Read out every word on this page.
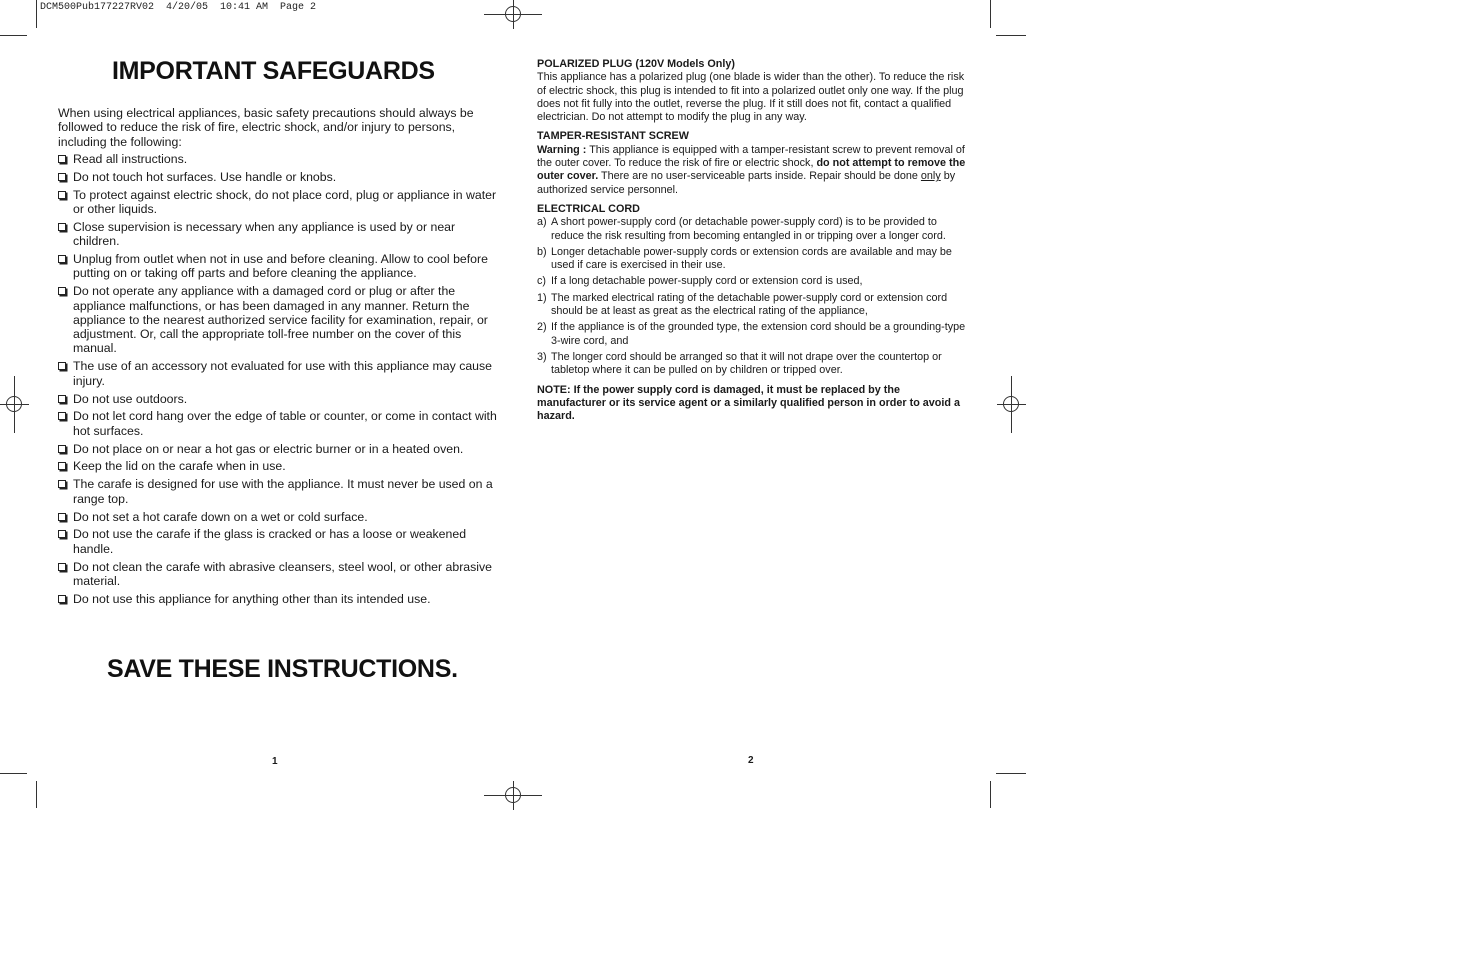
DCM500Pub177227RV02  4/20/05  10:41 AM  Page 2
IMPORTANT SAFEGUARDS

When using electrical appliances, basic safety precautions should always be followed to reduce the risk of fire, electric shock, and/or injury to persons, including the following:

Read all instructions.
Do not touch hot surfaces. Use handle or knobs.
To protect against electric shock, do not place cord, plug or appliance in water or other liquids.
Close supervision is necessary when any appliance is used by or near children.
Unplug from outlet when not in use and before cleaning. Allow to cool before putting on or taking off parts and before cleaning the appliance.
Do not operate any appliance with a damaged cord or plug or after the appliance malfunctions, or has been damaged in any manner. Return the appliance to the nearest authorized service facility for examination, repair, or adjustment. Or, call the appropriate toll-free number on the cover of this manual.
The use of an accessory not evaluated for use with this appliance may cause injury.
Do not use outdoors.
Do not let cord hang over the edge of table or counter, or come in contact with hot surfaces.
Do not place on or near a hot gas or electric burner or in a heated oven.
Keep the lid on the carafe when in use.
The carafe is designed for use with the appliance. It must never be used on a range top.
Do not set a hot carafe down on a wet or cold surface.
Do not use the carafe if the glass is cracked or has a loose or weakened handle.
Do not clean the carafe with abrasive cleansers, steel wool, or other abrasive material.
Do not use this appliance for anything other than its intended use.
SAVE THESE INSTRUCTIONS.
1
POLARIZED PLUG (120V Models Only)

This appliance has a polarized plug (one blade is wider than the other). To reduce the risk of electric shock, this plug is intended to fit into a polarized outlet only one way. If the plug does not fit fully into the outlet, reverse the plug. If it still does not fit, contact a qualified electrician. Do not attempt to modify the plug in any way.

TAMPER-RESISTANT SCREW

Warning : This appliance is equipped with a tamper-resistant screw to prevent removal of the outer cover. To reduce the risk of fire or electric shock, do not attempt to remove the outer cover. There are no user-serviceable parts inside. Repair should be done only by authorized service personnel.

ELECTRICAL CORD
a) A short power-supply cord (or detachable power-supply cord) is to be provided to reduce the risk resulting from becoming entangled in or tripping over a longer cord.
b) Longer detachable power-supply cords or extension cords are available and may be used if care is exercised in their use.
c) If a long detachable power-supply cord or extension cord is used,
1) The marked electrical rating of the detachable power-supply cord or extension cord should be at least as great as the electrical rating of the appliance,
2) If the appliance is of the grounded type, the extension cord should be a grounding-type 3-wire cord, and
3) The longer cord should be arranged so that it will not drape over the countertop or tabletop where it can be pulled on by children or tripped over.

NOTE: If the power supply cord is damaged, it must be replaced by the manufacturer or its service agent or a similarly qualified person in order to avoid a hazard.

2
